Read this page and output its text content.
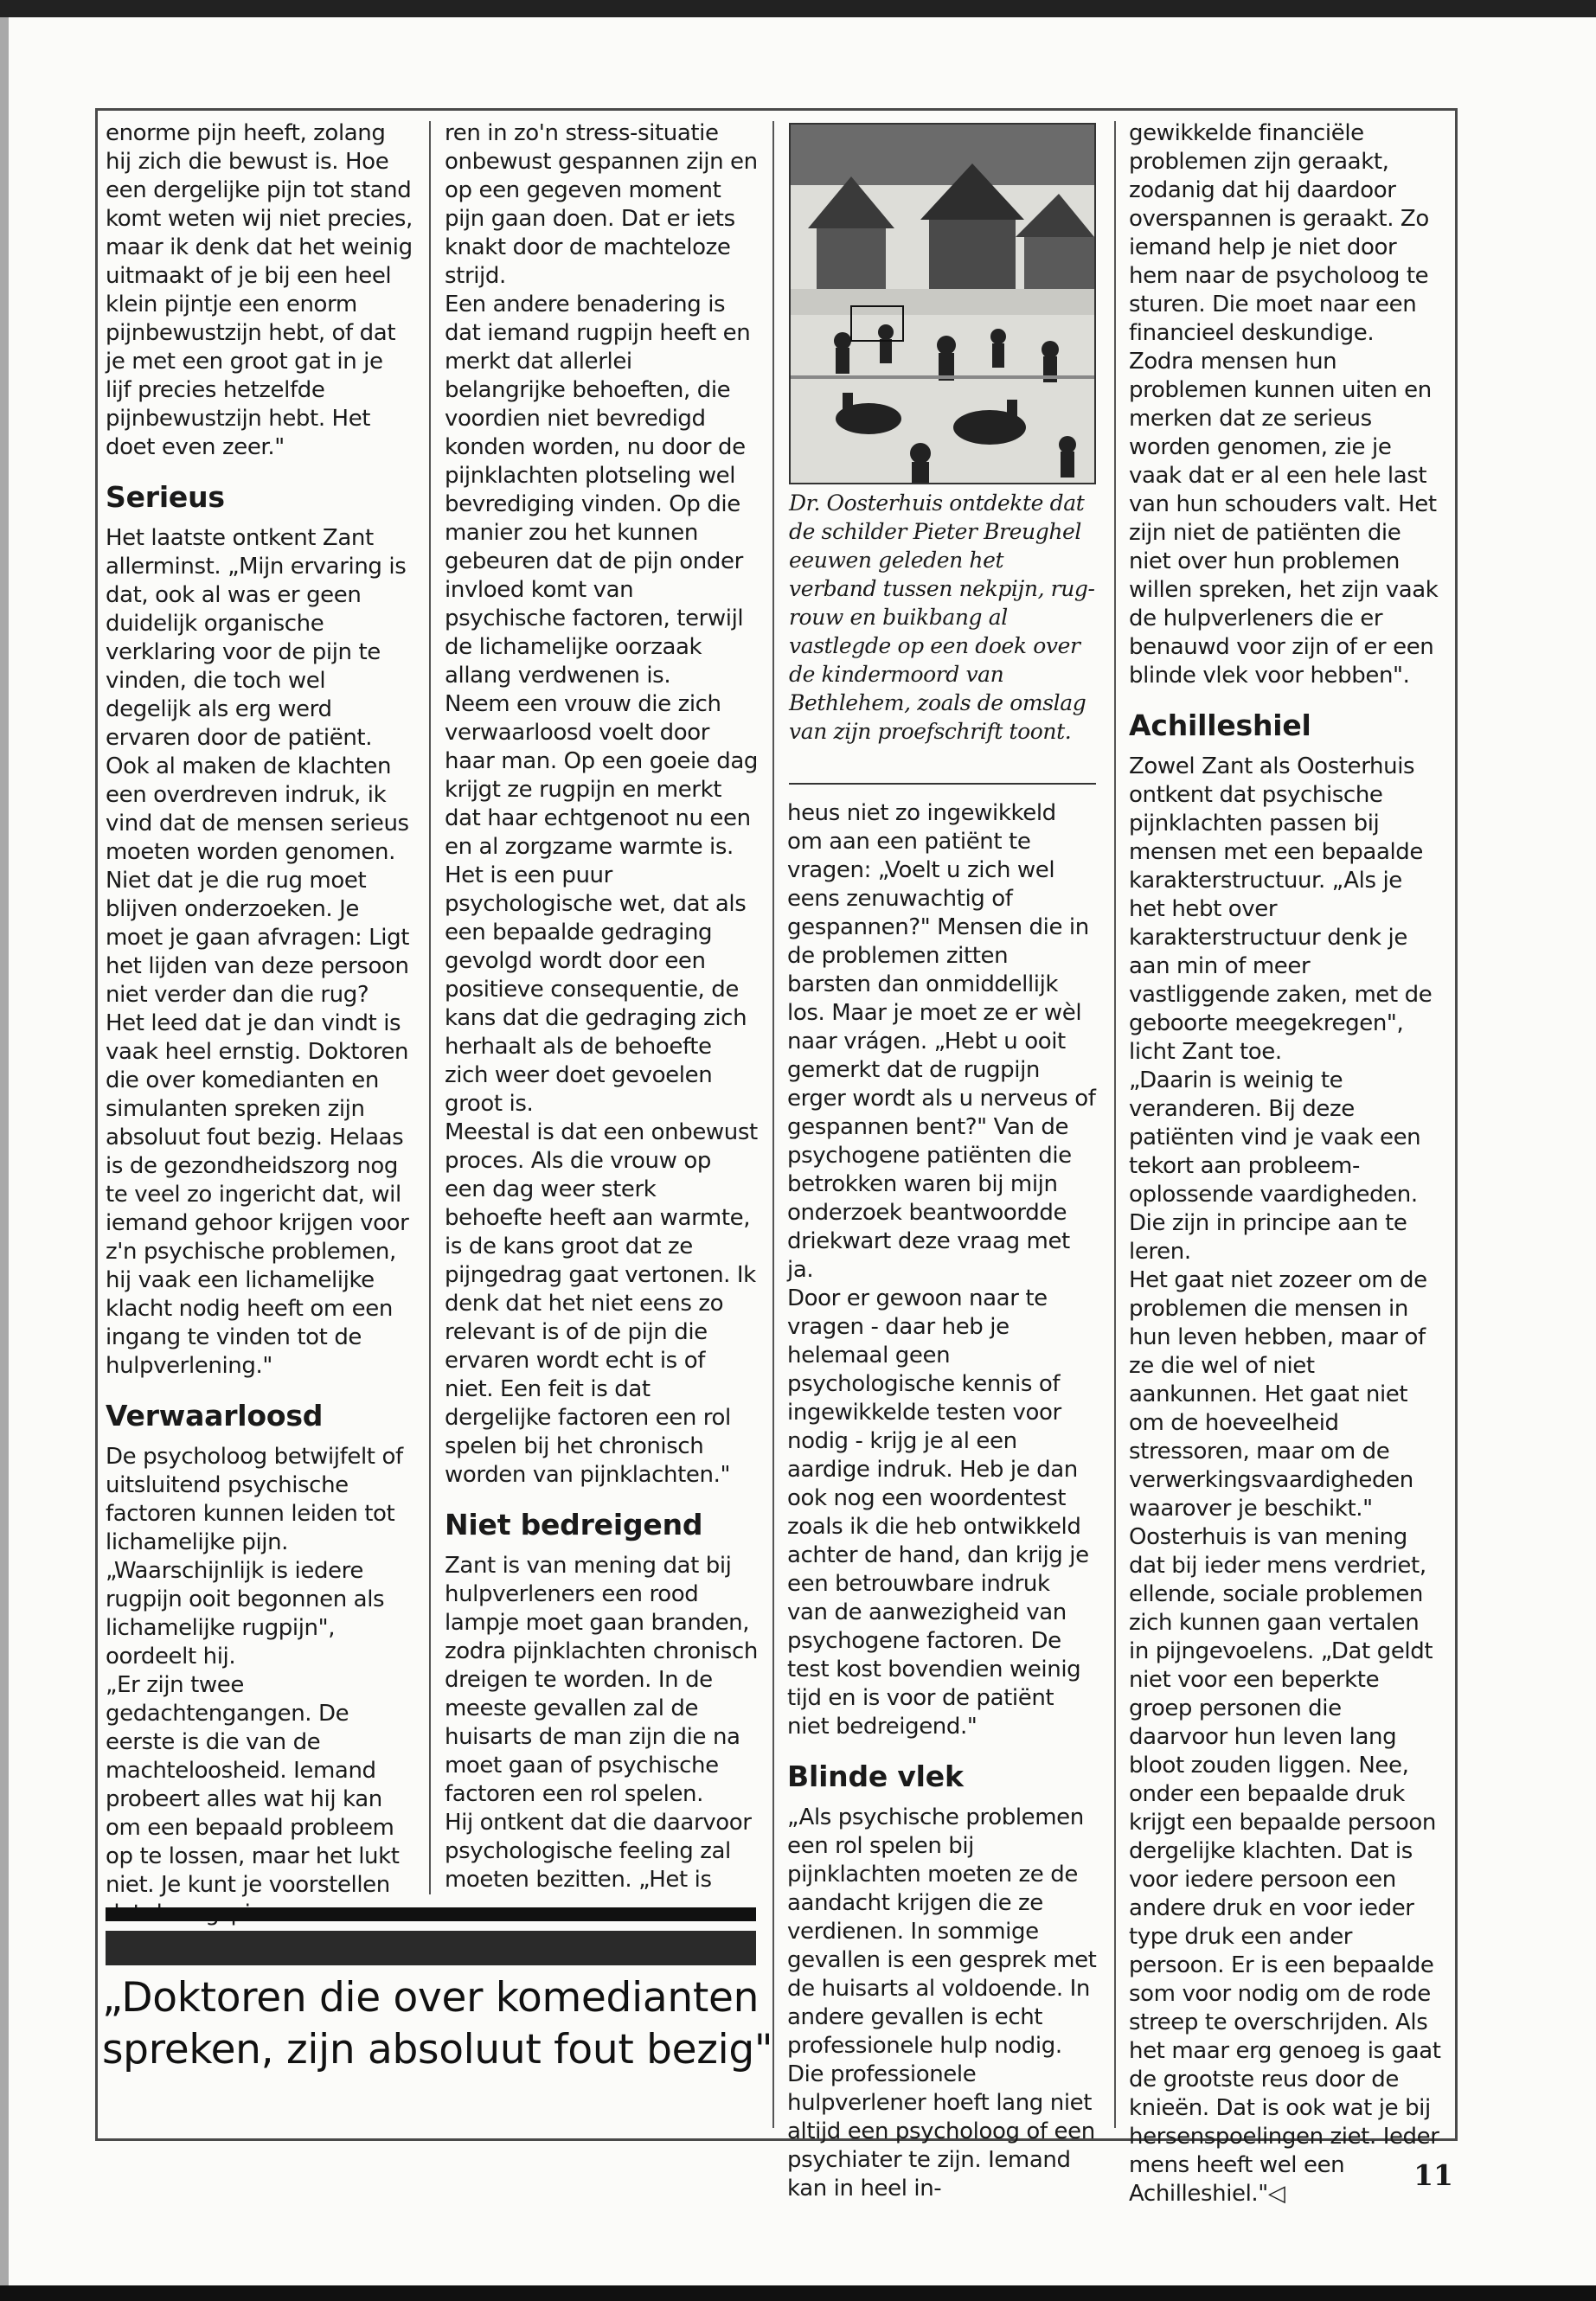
enorme pijn heeft, zolang hij zich die bewust is. Hoe een dergelijke pijn tot stand komt weten wij niet precies, maar ik denk dat het weinig uitmaakt of je bij een heel klein pijntje een enorm pijnbewustzijn hebt, of dat je met een groot gat in je lijf precies hetzelfde pijnbewustzijn hebt. Het doet even zeer."

Serieus

Het laatste ontkent Zant allerminst. „Mijn ervaring is dat, ook al was er geen duidelijk organische verklaring voor de pijn te vinden, die toch wel degelijk als erg werd ervaren door de patiënt. Ook al maken de klachten een overdreven indruk, ik vind dat de mensen serieus moeten worden genomen.

Niet dat je die rug moet blijven onderzoeken. Je moet je gaan afvragen: Ligt het lijden van deze persoon niet verder dan die rug? Het leed dat je dan vindt is vaak heel ernstig. Doktoren die over komedianten en simulanten spreken zijn absoluut fout bezig. Helaas is de gezondheidszorg nog te veel zo ingericht dat, wil iemand gehoor krijgen voor z'n psychische problemen, hij vaak een lichamelijke klacht nodig heeft om een ingang te vinden tot de hulpverlening."

Verwaarloosd

De psycholoog betwijfelt of uitsluitend psychische factoren kunnen leiden tot lichamelijke pijn. „Waarschijnlijk is iedere rugpijn ooit begonnen als lichamelijke rugpijn", oordeelt hij.

„Er zijn twee gedachtengangen. De eerste is die van de machteloosheid. Iemand probeert alles wat hij kan om een bepaald probleem op te lossen, maar het lukt niet. Je kunt je voorstellen

ren in zo'n stress-situatie onbewust gespannen zijn en op een gegeven moment pijn gaan doen. Dat er iets knakt door de machteloze strijd.

Een andere benadering is dat iemand rugpijn heeft en merkt dat allerlei belangrijke behoeften, die voordien niet bevredigd konden worden, nu door de pijnklachten plotseling wel bevrediging vinden. Op die manier zou het kunnen gebeuren dat de pijn onder invloed komt van psychische factoren, terwijl de lichamelijke oorzaak allang verdwenen is.

Neem een vrouw die zich verwaarloosd voelt door haar man. Op een goeie dag krijgt ze rugpijn en merkt dat haar echtgenoot nu een en al zorgzame warmte is. Het is een puur psychologische wet, dat als een bepaalde gedraging gevolgd wordt door een positieve consequentie, de kans dat die gedraging zich herhaalt als de behoefte zich weer doet gevoelen groot is.

Meestal is dat een onbewust proces. Als die vrouw op een dag weer sterk behoefte heeft aan warmte, is de kans groot dat ze pijngedrag gaat vertonen. Ik denk dat het niet eens zo relevant is of de pijn die ervaren wordt echt is of niet. Een feit is dat dergelijke factoren een rol spelen bij het chronisch worden van pijnklachten."

Niet bedreigend

Zant is van mening dat bij hulpverleners een rood lampje moet gaan branden, zodra pijnklachten chronisch dreigen te worden. In de meeste gevallen zal de huisarts de man zijn die na moet gaan of psychische factoren een rol spelen.

Hij ontkent dat die daarvoor psychologische feeling zal moeten bezitten. „Het is

Dr. Oosterhuis ontdekte dat de schilder Pieter Breughel eeuwen geleden het verband tussen nekpijn, rug-rouw en buikbang al vastlegde op een doek over de kindermoord van Bethlehem, zoals de omslag van zijn proefschrift toont.

heus niet zo ingewikkeld om aan een patiënt te vragen: „Voelt u zich wel eens zenuwachtig of gespannen?" Mensen die in de problemen zitten barsten dan onmiddellijk los. Maar je moet ze er wèl naar vrágen. „Hebt u ooit gemerkt dat de rugpijn erger wordt als u nerveus of gespannen bent?" Van de psychogene patiënten die betrokken waren bij mijn onderzoek beantwoordde driekwart deze vraag met ja.

Door er gewoon naar te vragen - daar heb je helemaal geen psychologische kennis of ingewikkelde testen voor nodig - krijg je al een aardige indruk. Heb je dan ook nog een woordentest zoals ik die heb ontwikkeld achter de hand, dan krijg je een betrouwbare indruk van de aanwezigheid van psychogene factoren. De test kost bovendien weinig tijd en is voor de patiënt niet bedreigend."

Blinde vlek

„Als psychische problemen een rol spelen bij pijnklachten moeten ze de aandacht krijgen die ze verdienen. In sommige gevallen is een gesprek met de huisarts al voldoende. In andere gevallen is echt professionele hulp nodig. Die professionele hulpverlener hoeft lang niet altijd een psycholoog of een psychiater te zijn. Iemand kan in heel in-

gewikkelde financiële problemen zijn geraakt, zodanig dat hij daardoor overspannen is geraakt. Zo iemand help je niet door hem naar de psycholoog te sturen. Die moet naar een financieel deskundige.

Zodra mensen hun problemen kunnen uiten en merken dat ze serieus worden genomen, zie je vaak dat er al een hele last van hun schouders valt. Het zijn niet de patiënten die niet over hun problemen willen spreken, het zijn vaak de hulpverleners die er benauwd voor zijn of er een blinde vlek voor hebben".

Achilleshiel

Zowel Zant als Oosterhuis ontkent dat psychische pijnklachten passen bij mensen met een bepaalde karakterstructuur. „Als je het hebt over karakterstructuur denk je aan min of meer vastliggende zaken, met de geboorte meegekregen", licht Zant toe.

„Daarin is weinig te veranderen. Bij deze patiënten vind je vaak een tekort aan probleem-oplossende vaardigheden. Die zijn in principe aan te leren.

Het gaat niet zozeer om de problemen die mensen in hun leven hebben, maar of ze die wel of niet aankunnen. Het gaat niet om de hoeveelheid stressoren, maar om de verwerkingsvaardigheden waarover je beschikt."

Oosterhuis is van mening dat bij ieder mens verdriet, ellende, sociale problemen zich kunnen gaan vertalen in pijngevoelens. „Dat geldt niet voor een beperkte groep personen die daarvoor hun leven lang bloot zouden liggen. Nee, onder een bepaalde druk krijgt een bepaalde persoon dergelijke klachten. Dat is voor iedere persoon een andere druk en voor ieder type druk een ander persoon. Er is een bepaalde som voor nodig om de rode streep te overschrijden. Als het maar erg genoeg is gaat de grootste reus door de knieën. Dat is ook wat je bij hersenspoelingen ziet. Ieder mens heeft wel een Achilleshiel."◁

„Doktoren die over komedianten spreken, zijn absoluut fout bezig"
11
